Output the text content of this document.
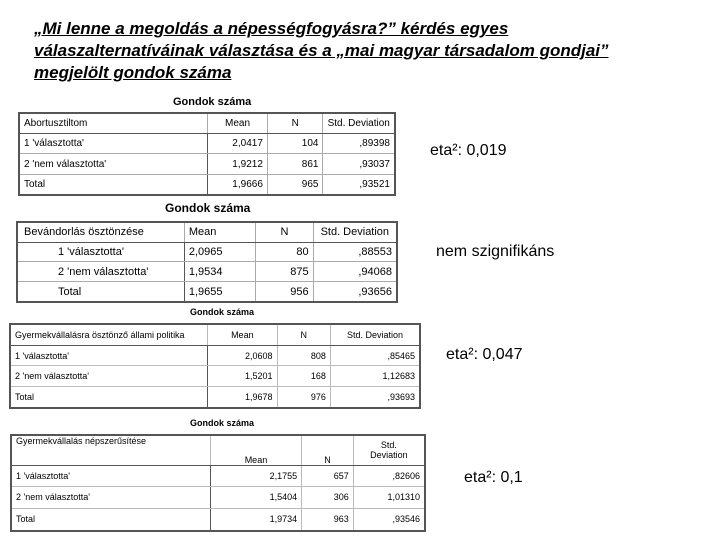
„Mi lenne a megoldás a népességfogyásra?” kérdés egyes
válaszalternatíváinak választása és a „mai magyar társadalom gondjai”
megjelölt gondok száma
Gondok száma
Abortusztiltom	Mean	N	Std. Deviation
1 'választotta'	2,0417	104	,89398
2 'nem választotta'	1,9212	861	,93037
Total	1,9666	965	,93521
eta²: 0,019
Gondok száma
Bevándorlás ösztönzése	Mean	N	Std. Deviation
1 'választotta'	2,0965	80	,88553
2 'nem választotta'	1,9534	875	,94068
Total	1,9655	956	,93656
nem szignifikáns
Gondok száma
Gyermekvállalásra ösztönző állami politika	Mean	N	Std. Deviation
1 'választotta'	2,0608	808	,85465
2 'nem választotta'	1,5201	168	1,12683
Total	1,9678	976	,93693
eta²: 0,047
Gondok száma
Gyermekvállalás népszerűsítése	Mean	N	Std.
Deviation

1 'választotta'	2,1755	657	,82606
2 'nem választotta'	1,5404	306	1,01310
Total	1,9734	963	,93546
eta²: 0,1
